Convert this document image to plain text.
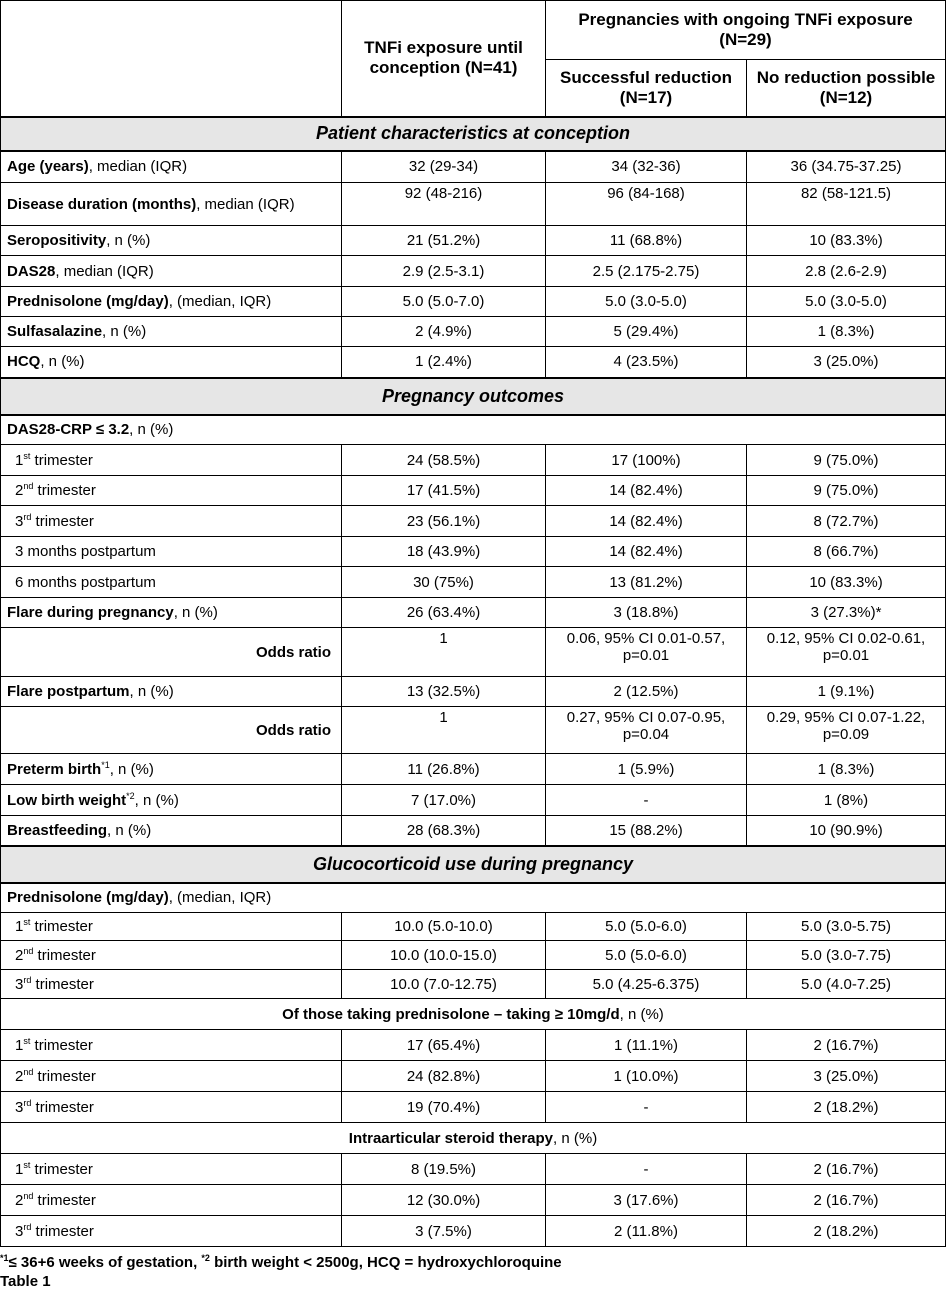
	TNFi exposure until conception (N=41)	Pregnancies with ongoing TNFi exposure (N=29)	
		Successful reduction (N=17)	No reduction possible (N=12)
Patient characteristics at conception			
Age (years), median (IQR)	32 (29-34)	34 (32-36)	36 (34.75-37.25)
Disease duration (months), median (IQR)	92 (48-216)	96 (84-168)	82 (58-121.5)
Seropositivity, n (%)	21 (51.2%)	11 (68.8%)	10 (83.3%)
DAS28, median (IQR)	2.9 (2.5-3.1)	2.5 (2.175-2.75)	2.8 (2.6-2.9)
Prednisolone (mg/day), (median, IQR)	5.0 (5.0-7.0)	5.0 (3.0-5.0)	5.0 (3.0-5.0)
Sulfasalazine, n (%)	2 (4.9%)	5 (29.4%)	1 (8.3%)
HCQ, n (%)	1 (2.4%)	4 (23.5%)	3 (25.0%)
Pregnancy outcomes			
DAS28-CRP ≤ 3.2, n (%)			
1st trimester	24 (58.5%)	17 (100%)	9 (75.0%)
2nd trimester	17 (41.5%)	14 (82.4%)	9 (75.0%)
3rd trimester	23 (56.1%)	14 (82.4%)	8 (72.7%)
3 months postpartum	18 (43.9%)	14 (82.4%)	8 (66.7%)
6 months postpartum	30 (75%)	13 (81.2%)	10 (83.3%)
Flare during pregnancy, n (%)	26 (63.4%)	3 (18.8%)	3 (27.3%)*
Odds ratio	1	0.06, 95% CI 0.01-0.57, p=0.01	0.12, 95% CI 0.02-0.61, p=0.01
Flare postpartum, n (%)	13 (32.5%)	2 (12.5%)	1 (9.1%)
Odds ratio	1	0.27, 95% CI 0.07-0.95, p=0.04	0.29, 95% CI 0.07-1.22, p=0.09
Preterm birth$^{*1}$, n (%)	11 (26.8%)	1 (5.9%)	1 (8.3%)
Low birth weight$^{*2}$, n (%)	7 (17.0%)	-	1 (8%)
Breastfeeding, n (%)	28 (68.3%)	15 (88.2%)	10 (90.9%)
Glucocorticoid use during pregnancy			
Prednisolone (mg/day), (median, IQR)			
1st trimester	10.0 (5.0-10.0)	5.0 (5.0-6.0)	5.0 (3.0-5.75)
2nd trimester	10.0 (10.0-15.0)	5.0 (5.0-6.0)	5.0 (3.0-7.75)
3rd trimester	10.0 (7.0-12.75)	5.0 (4.25-6.375)	5.0 (4.0-7.25)
Of those taking prednisolone – taking ≥ 10mg/d, n (%)			
1st trimester	17 (65.4%)	1 (11.1%)	2 (16.7%)
2nd trimester	24 (82.8%)	1 (10.0%)	3 (25.0%)
3rd trimester	19 (70.4%)	-	2 (18.2%)
Intraarticular steroid therapy, n (%)			
1st trimester	8 (19.5%)	-	2 (16.7%)
2nd trimester	12 (30.0%)	3 (17.6%)	2 (16.7%)
3rd trimester	3 (7.5%)	2 (11.8%)	2 (18.2%)
$^{*1}$≤ 36+6 weeks of gestation, $^{*2}$ birth weight < 2500g, HCQ = hydroxychloroquine
Table 1
